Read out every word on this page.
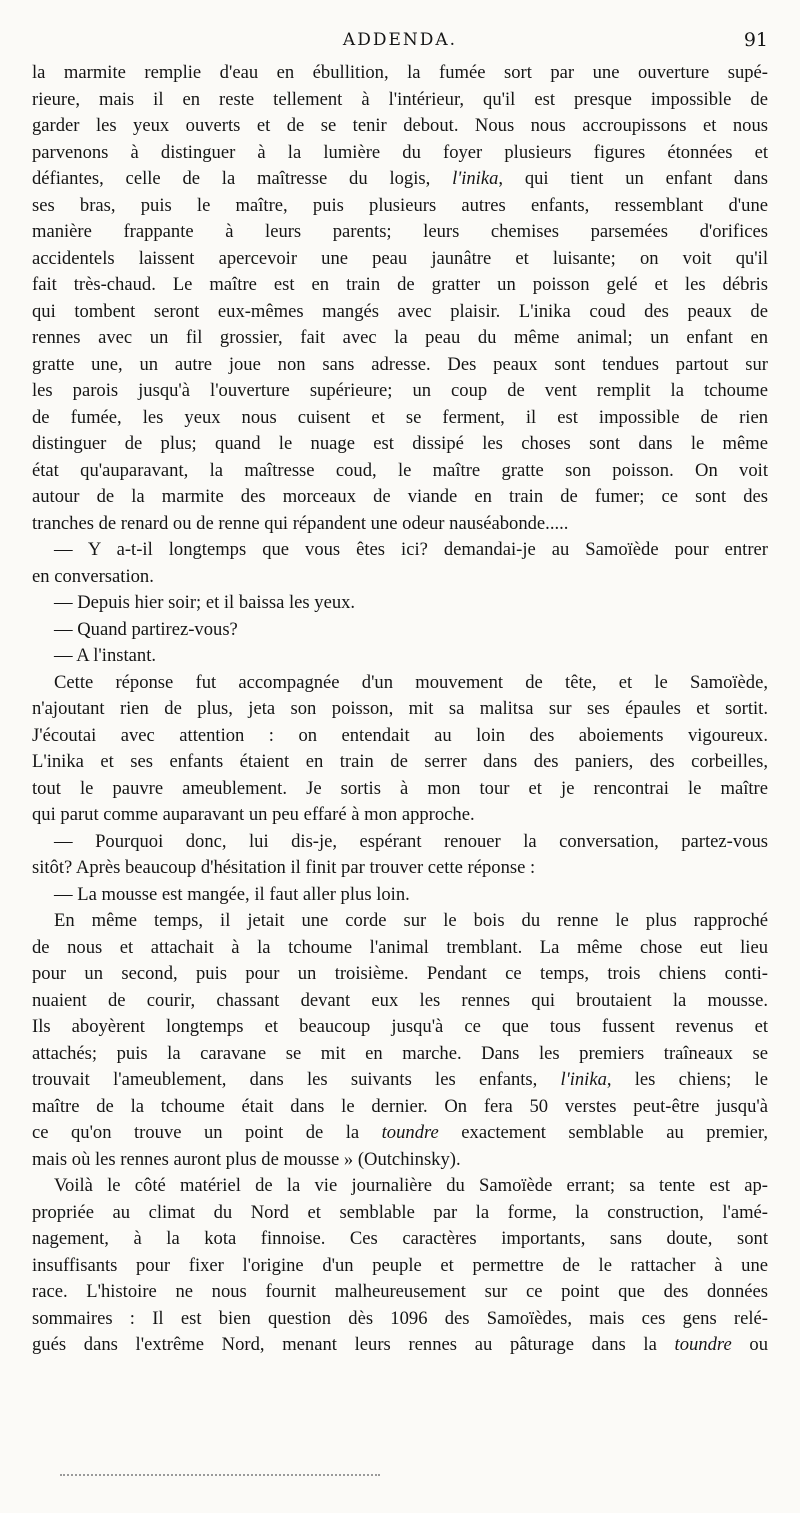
ADDENDA.	91
la marmite remplie d'eau en ébullition, la fumée sort par une ouverture supé-
rieure, mais il en reste tellement à l'intérieur, qu'il est presque impossible de
garder les yeux ouverts et de se tenir debout. Nous nous accroupissons et nous
parvenons à distinguer à la lumière du foyer plusieurs figures étonnées et
défiantes, celle de la maîtresse du logis, l'inika, qui tient un enfant dans
ses bras, puis le maître, puis plusieurs autres enfants, ressemblant d'une
manière frappante à leurs parents; leurs chemises parsemées d'orifices
accidentels laissent apercevoir une peau jaunâtre et luisante; on voit qu'il
fait très-chaud. Le maître est en train de gratter un poisson gelé et les débris
qui tombent seront eux-mêmes mangés avec plaisir. L'inika coud des peaux de
rennes avec un fil grossier, fait avec la peau du même animal; un enfant en
gratte une, un autre joue non sans adresse. Des peaux sont tendues partout sur
les parois jusqu'à l'ouverture supérieure; un coup de vent remplit la tchoume
de fumée, les yeux nous cuisent et se ferment, il est impossible de rien
distinguer de plus; quand le nuage est dissipé les choses sont dans le même
état qu'auparavant, la maîtresse coud, le maître gratte son poisson. On voit
autour de la marmite des morceaux de viande en train de fumer; ce sont des
tranches de renard ou de renne qui répandent une odeur nauséabonde.....
— Y a-t-il longtemps que vous êtes ici? demandai-je au Samoïède pour entrer
en conversation.
— Depuis hier soir; et il baissa les yeux.
— Quand partirez-vous?
— A l'instant.
Cette réponse fut accompagnée d'un mouvement de tête, et le Samoïède,
n'ajoutant rien de plus, jeta son poisson, mit sa malitsa sur ses épaules et sortit.
J'écoutai avec attention : on entendait au loin des aboiements vigoureux.
L'inika et ses enfants étaient en train de serrer dans des paniers, des corbeilles,
tout le pauvre ameublement. Je sortis à mon tour et je rencontrai le maître
qui parut comme auparavant un peu effaré à mon approche.
— Pourquoi donc, lui dis-je, espérant renouer la conversation, partez-vous
sitôt? Après beaucoup d'hésitation il finit par trouver cette réponse :
— La mousse est mangée, il faut aller plus loin.
En même temps, il jetait une corde sur le bois du renne le plus rapproché
de nous et attachait à la tchoume l'animal tremblant. La même chose eut lieu
pour un second, puis pour un troisième. Pendant ce temps, trois chiens conti-
nuaient de courir, chassant devant eux les rennes qui broutaient la mousse.
Ils aboyèrent longtemps et beaucoup jusqu'à ce que tous fussent revenus et
attachés; puis la caravane se mit en marche. Dans les premiers traîneaux se
trouvait l'ameublement, dans les suivants les enfants, l'inika, les chiens; le
maître de la tchoume était dans le dernier. On fera 50 verstes peut-être jusqu'à
ce qu'on trouve un point de la toundre exactement semblable au premier,
mais où les rennes auront plus de mousse » (Outchinsky).
Voilà le côté matériel de la vie journalière du Samoïède errant; sa tente est ap-
propriée au climat du Nord et semblable par la forme, la construction, l'amé-
nagement, à la kota finnoise. Ces caractères importants, sans doute, sont
insuffisants pour fixer l'origine d'un peuple et permettre de le rattacher à une
race. L'histoire ne nous fournit malheureusement sur ce point que des données
sommaires : Il est bien question dès 1096 des Samoïèdes, mais ces gens relé-
gués dans l'extrême Nord, menant leurs rennes au pâturage dans la toundre ou
